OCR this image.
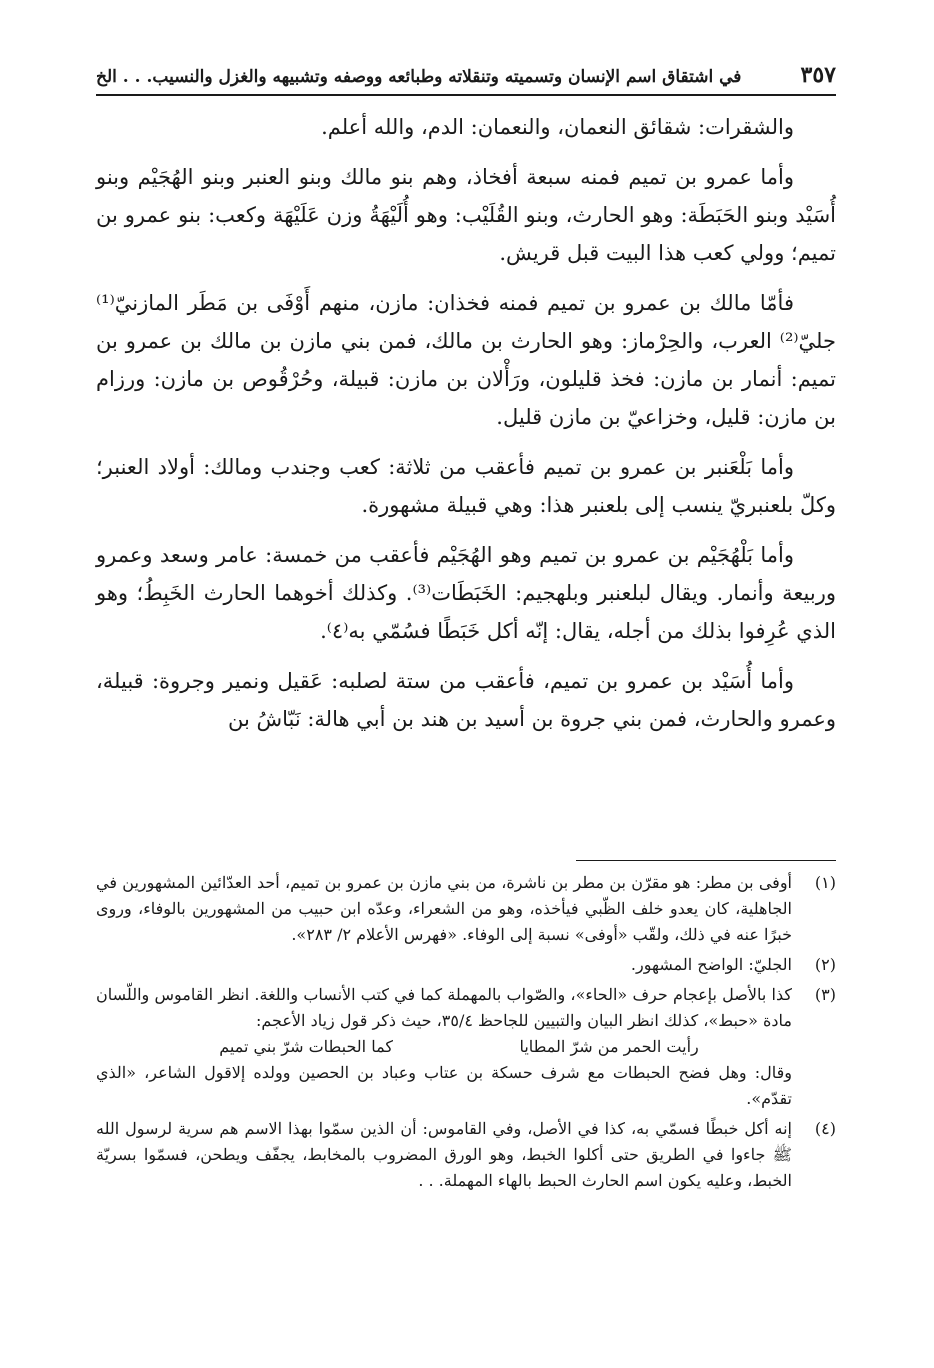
في اشتقاق اسم الإنسان وتسميته وتنقلاته وطبائعه ووصفه وتشبيهه والغزل والنسيب. . . الخ	٣٥٧

والشقرات: شقائق النعمان، والنعمان: الدم، والله أعلم.

وأما عمرو بن تميم فمنه سبعة أفخاذ، وهم بنو مالك وبنو العنبر وبنو الهُجَيْم وبنو أُسَيْد وبنو الحَبَطَة: وهو الحارث، وبنو القُلَيْب: وهو أُلَيْهَةُ وزن عَلَيْهَة وكعب: بنو عمرو بن تميم؛ وولي كعب هذا البيت قبل قريش.

فأمّا مالك بن عمرو بن تميم فمنه فخذان: مازن، منهم أَوْفَى بن مَطَر المازنيّ⁽¹⁾ جليّ⁽²⁾ العرب، والحِرْماز: وهو الحارث بن مالك، فمن بني مازن بن مالك بن عمرو بن تميم: أنمار بن مازن: فخذ قليلون، ورَأْلان بن مازن: قبيلة، وحُرْقُوص بن مازن: ورزام بن مازن: قليل، وخزاعيّ بن مازن قليل.

وأما بَلْعَنبر بن عمرو بن تميم فأعقب من ثلاثة: كعب وجندب ومالك: أولاد العنبر؛ وكلّ بلعنبريّ ينسب إلى بلعنبر هذا: وهي قبيلة مشهورة.

وأما بَلْهُجَيْم بن عمرو بن تميم وهو الهُجَيْم فأعقب من خمسة: عامر وسعد وعمرو وربيعة وأنمار. ويقال لبلعنبر وبلهجيم: الخَبَطَات⁽³⁾. وكذلك أخوهما الحارث الخَبِطُ؛ وهو الذي عُرِفوا بذلك من أجله، يقال: إنّه أكل خَبَطًا فسُمّي به⁽٤⁾.

وأما أُسَيْد بن عمرو بن تميم، فأعقب من ستة لصلبه: عَقيل ونمير وجروة: قبيلة، وعمرو والحارث، فمن بني جروة بن أسيد بن هند بن أبي هالة: نَبّاشُ بن

(١)
أوفى بن مطر: هو مقرّن بن مطر بن ناشرة، من بني مازن بن عمرو بن تميم، أحد العدّائين المشهورين في الجاهلية، كان يعدو خلف الظّبي فيأخذه، وهو من الشعراء، وعدّه ابن حبيب من المشهورين بالوفاء، وروى خبرًا عنه في ذلك، ولقّب «أوفى» نسبة إلى الوفاء. «فهرس الأعلام ٢/ ٢٨٣».
(٢)
الجليّ: الواضح المشهور.
(٣)
كذا بالأصل بإعجام حرف «الحاء»، والصّواب بالمهملة كما في كتب الأنساب واللغة. انظر القاموس واللّسان مادة «حبط»، كذلك انظر البيان والتبيين للجاحظ ٣٥/٤، حيث ذكر قول زياد الأعجم:
رأيت الحمر من شرّ المطايا
كما الحبطات شرّ بني تميم
وقال: وهل فضح الحبطات مع شرف حسكة بن عتاب وعباد بن الحصين وولده إلاقول الشاعر، «الذي تقدّم».
(٤)
إنه أكل خبطًا فسمّي به، كذا في الأصل، وفي القاموس: أن الذين سمّوا بهذا الاسم هم سرية لرسول الله ﷺ جاءوا في الطريق حتى أكلوا الخبط، وهو الورق المضروب بالمخابط، يجفّف ويطحن، فسمّوا بسريّة الخبط، وعليه يكون اسم الحارث الحبط بالهاء المهملة. . .
